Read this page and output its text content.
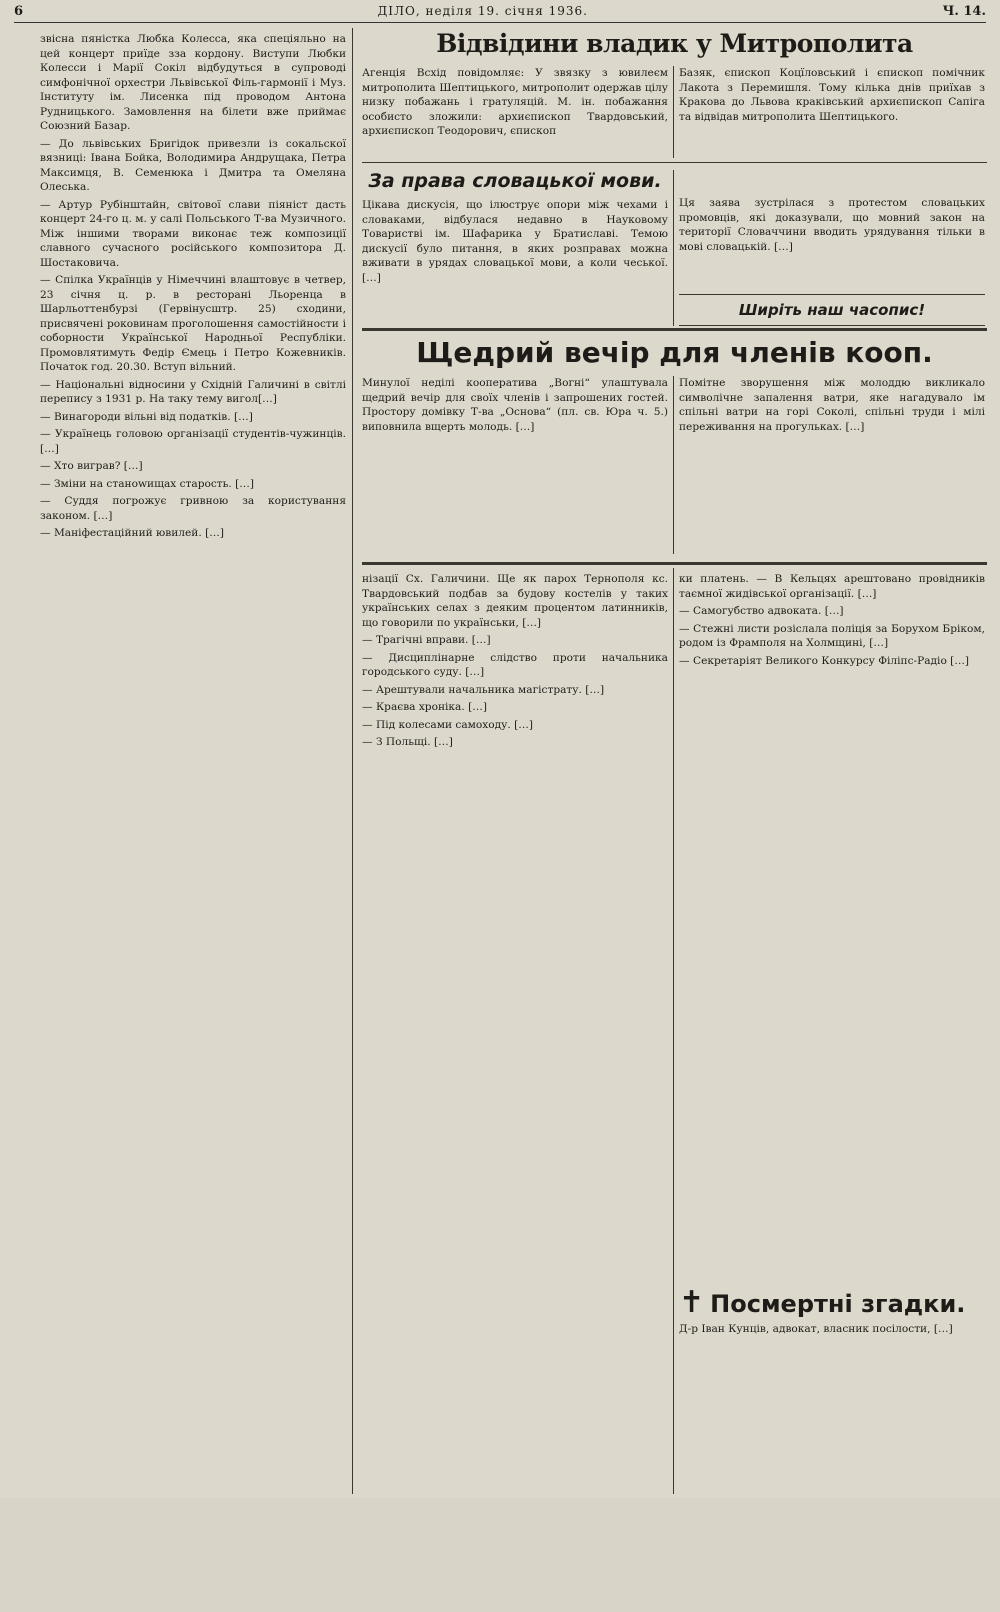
6	ДІЛО, неділя 19. січня 1936.	Ч. 14.

звісна пяністка Любка Колесса, яка спеціяльно на цей концерт приїде зза кордону. Виступи Любки Колесси і Марії Сокіл відбудуться в супроводі симфонічної орхестри Львівської Філь-гармонії і Муз. Інституту ім. Лисенка під проводом Антона Рудницького. Замовлення на білети вже приймає Союзний Базар.

— До львівських Бригідок привезли із сокальскої вязниці: Івана Бойка, Володимира Андрущака, Петра Максимця, В. Семенюка і Дмитра та Омеляна Олеська.

— Артур Рубінштайн, світової слави піяніст дасть концерт 24-го ц. м. у салі Польського Т-ва Музичного. Між іншими творами виконає теж композиції славного сучасного російського композитора Д. Шостаковича.

— Спілка Українців у Німеччині влаштовує в четвер, 23 січня ц. р. в ресторані Льоренца в Шарльоттенбурзі (Гервінусштр. 25) сходини, присвячені роковинам проголошення самостійности і соборности Української Народньої Республіки. Промовлятимуть Федір Ємець і Петро Кожевників. Початок год. 20.30. Вступ вільний.

— Національні відносини у Східній Галичині в світлі перепису з 1931 р. На таку тему вигол[…]

— Винагороди вільні від податків. […]

— Українець головою організації студентів-чужинців. […]

— Хто виграв? […]

— Зміни на станowищах старость. […]

— Суддя погрожує гривною за користування законом. […]

— Манiфестацiйний ювилей. […]

Відвідини владик у Митрополита

Агенція Всхід повідомляє: У звязку з ювилеєм митрополита Шептицького, митрополит одержав цілу низку побажань і гратуляцій. М. ін. побажання особисто зложили: архиєпископ Твардовський, архиєпископ Теодорович, єпископ

Базяк, єпископ Коцїловський і єпископ помічник Лакота з Перемишля. Тому кілька днів приїхав з Кракова до Львова краківський архиєпископ Сапіга та відвідав митрополита Шептицького.

За права словацької мови.

Цікава дискусія, що ілюструє опори між чехами і словаками, відбулася недавно в Науковому Товаристві ім. Шафарика у Братиславі. Темою дискусії було питання, в яких розправах можна вживати в урядах словацької мови, а коли чеської. […]

Ця заява зустрілася з протестом словацьких промовців, які доказували, що мовний закон на території Словаччини вводить урядування тільки в мові словацькій. […]

Ширіть наш часопис!

Щедрий вечір для членів кооп.

Минулої неділі кооператива „Вогні“ улаштувала щедрий вечір для своїх членів і запрошених гостей. Простору домівку Т-ва „Основа“ (пл. св. Юра ч. 5.) виповнила вщерть молодь. […]

Помітне зворушення між молоддю викликало символічне запалення ватри, яке нагадувало ім спільні ватри на горі Соколі, спільні труди і мілі переживання на прогульках. […]

нізації Сх. Галичини. Ще як парох Тернополя кс. Твардовський подбав за будову костелів у таких українських селах з деяким процентом латинників, що говорили по українськи, […]

— Трагічні вправи. […]

— Дисциплінарне слідство проти начальника городського суду. […]

— Арештували начальника магістрату. […]

— Краєва хроніка. […]

— Під колесами самоходу. […]

— З Польщі. […]

ки платень. — В Кельцях арештовано провідників таємної жидівської організації. […]

— Самогубство адвоката. […]

— Стежні листи розіслала поліція за Борухом Бріком, родом із Фрамполя на Холмщині, […]

— Секретаріят Великого Конкурсу Філіпс-Радіо […]

✝ Посмертні згадки.

Д-р Іван Кунців, адвокат, власник посілости, […]
